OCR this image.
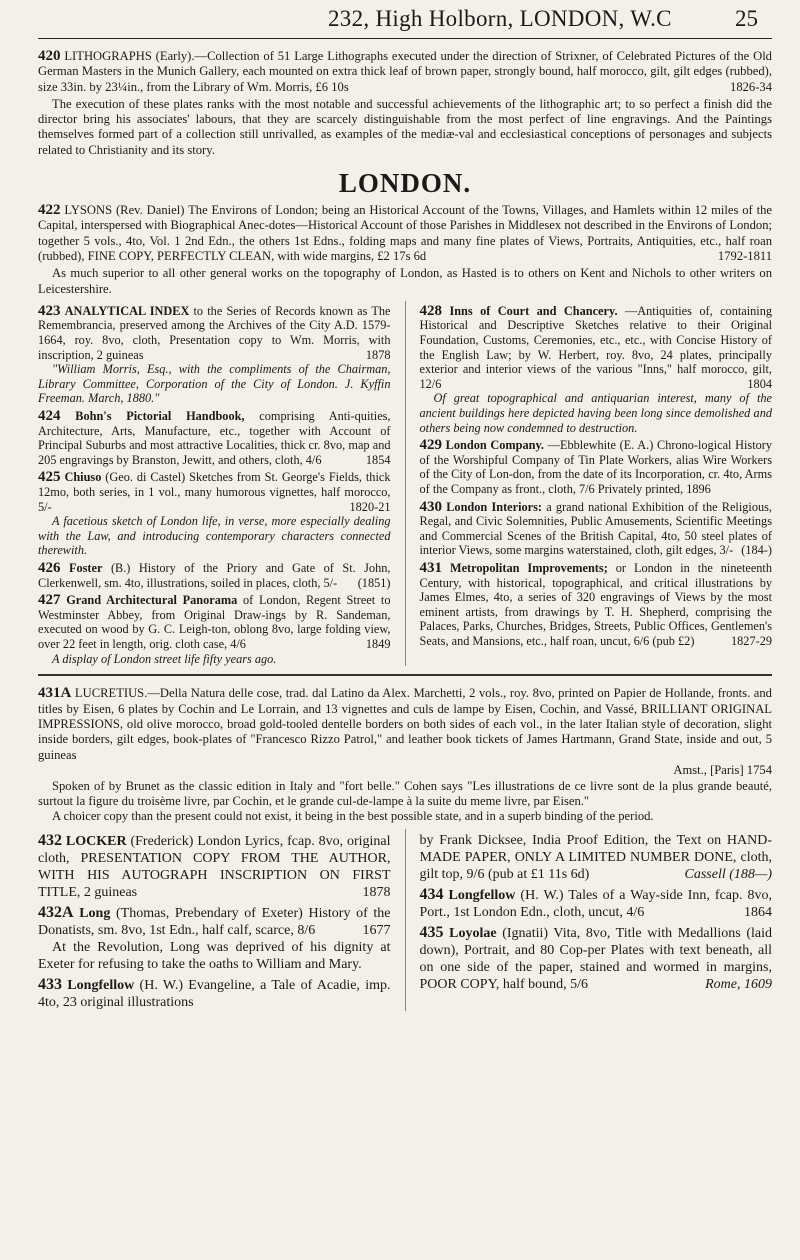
232, High Holborn, LONDON, W.C	25

420 LITHOGRAPHS (Early).—Collection of 51 Large Lithographs executed under the direction of Strixner, of Celebrated Pictures of the Old German Masters in the Munich Gallery, each mounted on extra thick leaf of brown paper, strongly bound, half morocco, gilt, gilt edges (rubbed), size 33in. by 23¼in., from the Library of Wm. Morris, £6 10s	1826-34

The execution of these plates ranks with the most notable and successful achievements of the lithographic art; to so perfect a finish did the director bring his associates' labours, that they are scarcely distinguishable from the most perfect of line engravings. And the Paintings themselves formed part of a collection still unrivalled, as examples of the mediæ-val and ecclesiastical conceptions of personages and subjects related to Christianity and its story.

LONDON.

422 LYSONS (Rev. Daniel) The Environs of London; being an Historical Account of the Towns, Villages, and Hamlets within 12 miles of the Capital, interspersed with Biographical Anec-dotes—Historical Account of those Parishes in Middlesex not described in the Environs of London; together 5 vols., 4to, Vol. 1 2nd Edn., the others 1st Edns., folding maps and many fine plates of Views, Portraits, Antiquities, etc., half roan (rubbed), FINE COPY, PERFECTLY CLEAN, with wide margins, £2 17s 6d	1792-1811

As much superior to all other general works on the topography of London, as Hasted is to others on Kent and Nichols to other writers on Leicestershire.

423 ANALYTICAL INDEX to the Series of Records known as The Remembrancia, preserved among the Archives of the City A.D. 1579-1664, roy. 8vo, cloth, Presentation copy to Wm. Morris, with inscription, 2 guineas	1878

"William Morris, Esq., with the compliments of the Chairman, Library Committee, Corporation of the City of London. J. Kyffin Freeman. March, 1880."

424 Bohn's Pictorial Handbook, comprising Anti-quities, Architecture, Arts, Manufacture, etc., together with Account of Principal Suburbs and most attractive Localities, thick cr. 8vo, map and 205 engravings by Branston, Jewitt, and others, cloth, 4/6	1854

425 Chiuso (Geo. di Castel) Sketches from St. George's Fields, thick 12mo, both series, in 1 vol., many humorous vignettes, half morocco, 5/-	1820-21

A facetious sketch of London life, in verse, more especially dealing with the Law, and introducing contemporary characters connected therewith.

426 Foster (B.) History of the Priory and Gate of St. John, Clerkenwell, sm. 4to, illustrations, soiled in places, cloth, 5/- (1851)

427 Grand Architectural Panorama of London, Regent Street to Westminster Abbey, from Original Draw-ings by R. Sandeman, executed on wood by G. C. Leigh-ton, oblong 8vo, large folding view, over 22 feet in length, orig. cloth case, 4/6	1849

A display of London street life fifty years ago.

428 Inns of Court and Chancery. —Antiquities of, containing Historical and Descriptive Sketches relative to their Original Foundation, Customs, Ceremonies, etc., etc., with Concise History of the English Law; by W. Herbert, roy. 8vo, 24 plates, principally exterior and interior views of the various "Inns," half morocco, gilt, 12/6	1804

Of great topographical and antiquarian interest, many of the ancient buildings here depicted having been long since demolished and others being now condemned to destruction.

429 London Company. —Ebblewhite (E. A.) Chrono-logical History of the Worshipful Company of Tin Plate Workers, alias Wire Workers of the City of Lon-don, from the date of its Incorporation, cr. 4to, Arms of the Company as front., cloth, 7/6 Privately printed, 1896

430 London Interiors: a grand national Exhibition of the Religious, Regal, and Civic Solemnities, Public Amusements, Scientific Meetings and Commercial Scenes of the British Capital, 4to, 50 steel plates of interior Views, some margins waterstained, cloth, gilt edges, 3/- (184-)

431 Metropolitan Improvements; or London in the nineteenth Century, with historical, topographical, and critical illustrations by James Elmes, 4to, a series of 320 engravings of Views by the most eminent artists, from drawings by T. H. Shepherd, comprising the Palaces, Parks, Churches, Bridges, Streets, Public Offices, Gentlemen's Seats, and Mansions, etc., half roan, uncut, 6/6 (pub £2)	1827-29

431A LUCRETIUS.—Della Natura delle cose, trad. dal Latino da Alex. Marchetti, 2 vols., roy. 8vo, printed on Papier de Hollande, fronts. and titles by Eisen, 6 plates by Cochin and Le Lorrain, and 13 vignettes and culs de lampe by Eisen, Cochin, and Vassé, BRILLIANT ORIGINAL IMPRESSIONS, old olive morocco, broad gold-tooled dentelle borders on both sides of each vol., in the later Italian style of decoration, slight inside borders, gilt edges, book-plates of "Francesco Rizzo Patrol," and leather book tickets of James Hartmann, Grand State, inside and out, 5 guineas

Amst., [Paris] 1754

Spoken of by Brunet as the classic edition in Italy and "fort belle." Cohen says "Les illustrations de ce livre sont de la plus grande beauté, surtout la figure du troisème livre, par Cochin, et le grande cul-de-lampe à la suite du meme livre, par Eisen."

A choicer copy than the present could not exist, it being in the best possible state, and in a superb binding of the period.

432 LOCKER (Frederick) London Lyrics, fcap. 8vo, original cloth, PRESENTATION COPY FROM THE AUTHOR, WITH HIS AUTOGRAPH INSCRIPTION ON FIRST TITLE, 2 guineas	1878

432A Long (Thomas, Prebendary of Exeter) History of the Donatists, sm. 8vo, 1st Edn., half calf, scarce, 8/6	1677

At the Revolution, Long was deprived of his dignity at Exeter for refusing to take the oaths to William and Mary.

433 Longfellow (H. W.) Evangeline, a Tale of Acadie, imp. 4to, 23 original illustrations

by Frank Dicksee, India Proof Edition, the Text on HAND-MADE PAPER, ONLY A LIMITED NUMBER DONE, cloth, gilt top, 9/6 (pub at £1 11s 6d)	Cassell (188—)

434 Longfellow (H. W.) Tales of a Way-side Inn, fcap. 8vo, Port., 1st London Edn., cloth, uncut, 4/6	1864

435 Loyolae (Ignatii) Vita, 8vo, Title with Medallions (laid down), Portrait, and 80 Cop-per Plates with text beneath, all on one side of the paper, stained and wormed in margins, POOR COPY, half bound, 5/6	Rome, 1609
